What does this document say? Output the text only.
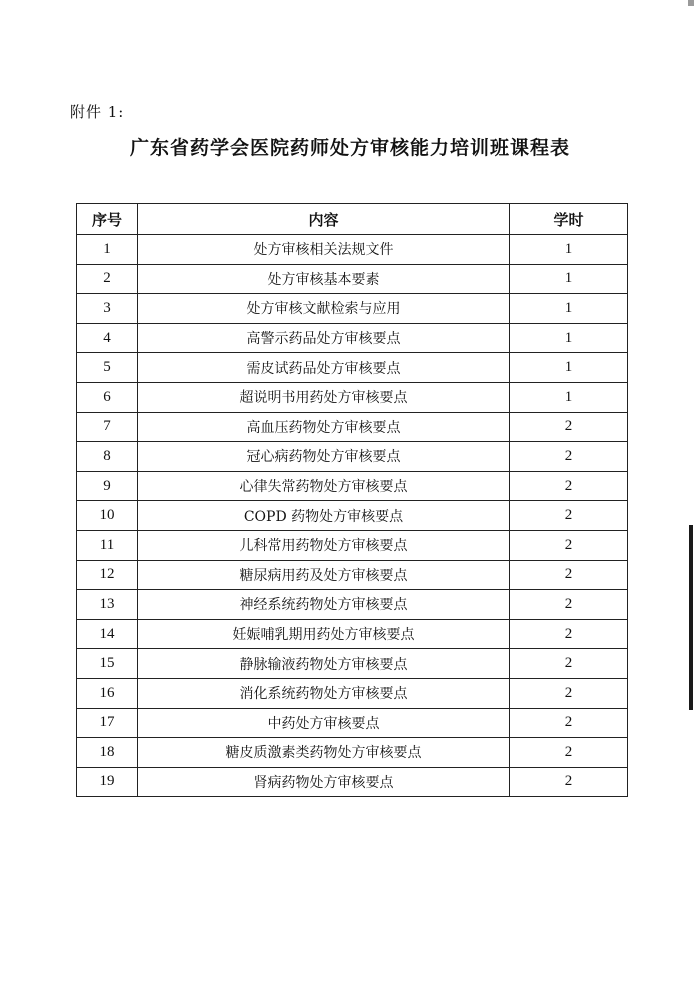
附件 1:
广东省药学会医院药师处方审核能力培训班课程表
序号	内容	学时
1	处方审核相关法规文件	1
2	处方审核基本要素	1
3	处方审核文献检索与应用	1
4	高警示药品处方审核要点	1
5	需皮试药品处方审核要点	1
6	超说明书用药处方审核要点	1
7	高血压药物处方审核要点	2
8	冠心病药物处方审核要点	2
9	心律失常药物处方审核要点	2
10	COPD 药物处方审核要点	2
11	儿科常用药物处方审核要点	2
12	糖尿病用药及处方审核要点	2
13	神经系统药物处方审核要点	2
14	妊娠哺乳期用药处方审核要点	2
15	静脉输液药物处方审核要点	2
16	消化系统药物处方审核要点	2
17	中药处方审核要点	2
18	糖皮质激素类药物处方审核要点	2
19	肾病药物处方审核要点	2
